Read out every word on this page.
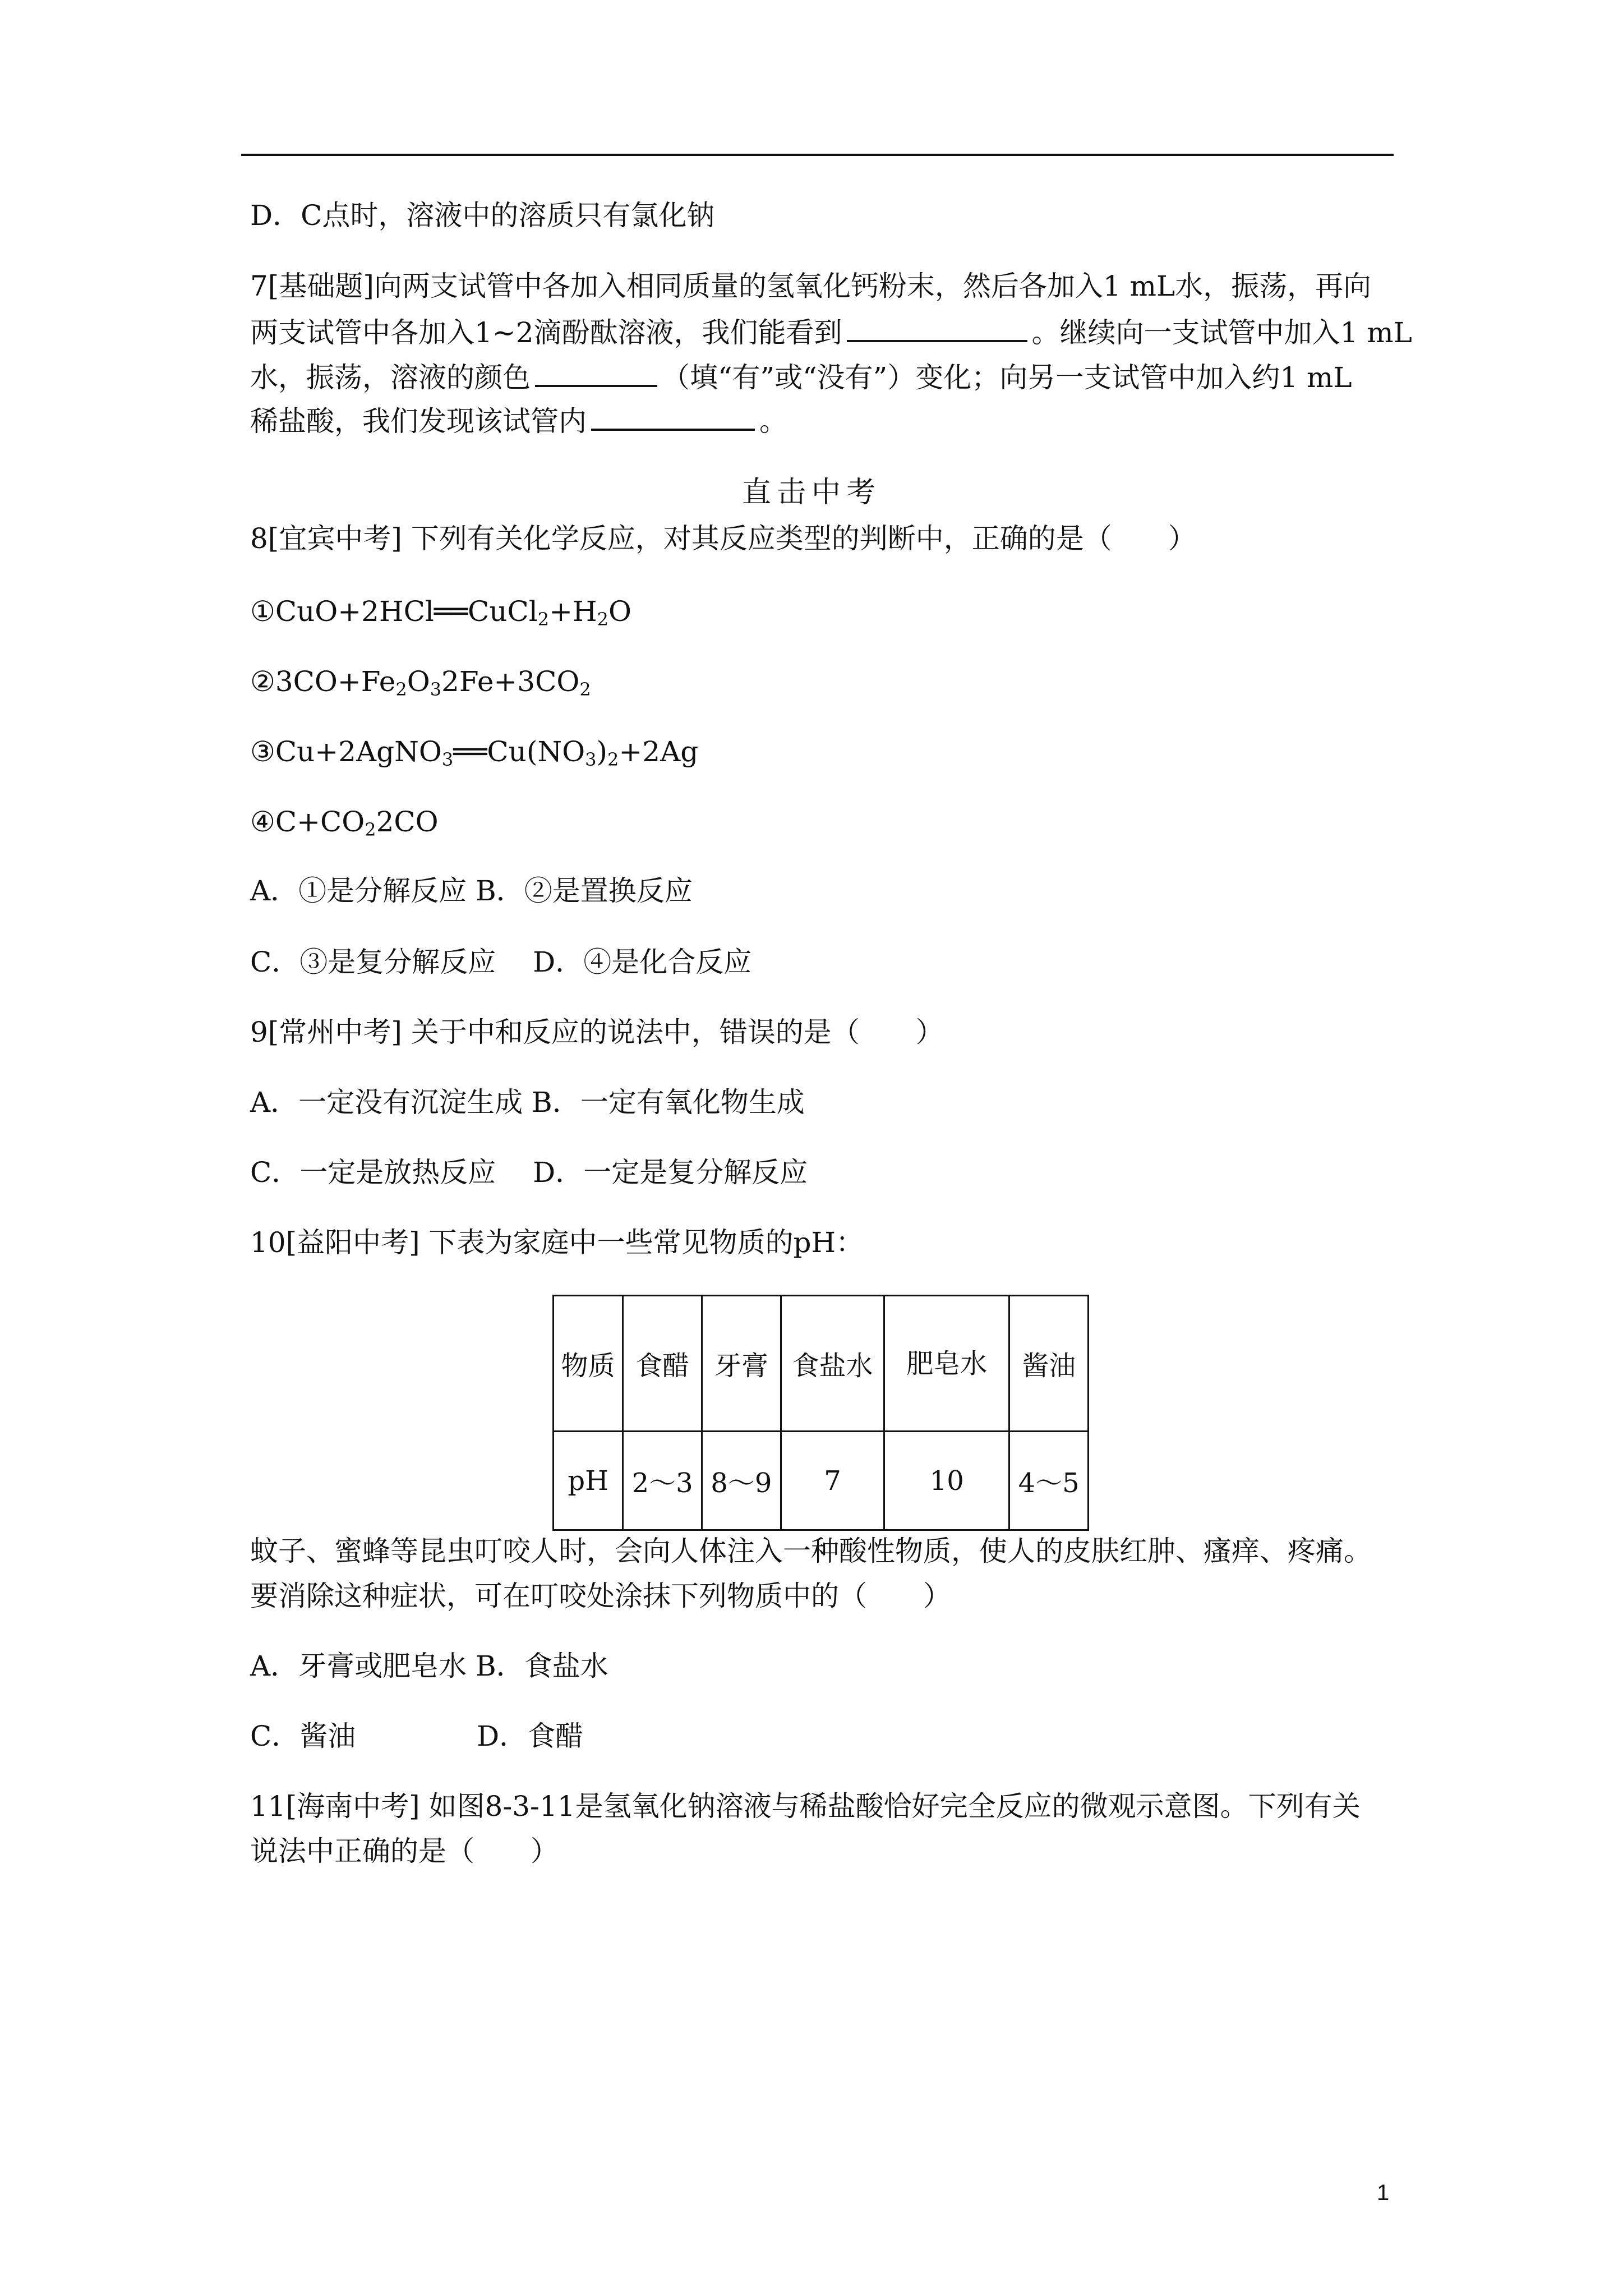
D．C点时，溶液中的溶质只有氯化钠
7[基础题]向两支试管中各加入相同质量的氢氧化钙粉末，然后各加入1 mL水，振荡，再向
两支试管中各加入1~2滴酚酞溶液，我们能看到	。继续向一支试管中加入1 mL
水，振荡，溶液的颜色	（填“有”或“没有”）变化；向另一支试管中加入约1 mL
稀盐酸，我们发现该试管内	。
直击中考
8[宜宾中考] 下列有关化学反应，对其反应类型的判断中，正确的是（　　）
$①CuO+2HCl══CuCl_2+H_2O$
$②3CO+Fe_2O_32Fe+3CO_2$
$③Cu+2AgNO_3══Cu(NO_3)_2+2Ag$
$④C+CO_22CO$
A．①是分解反应 B．②是置换反应
C．③是复分解反应　 D．④是化合反应
9[常州中考] 关于中和反应的说法中，错误的是（　　）
A．一定没有沉淀生成 B．一定有氧化物生成
C．一定是放热反应　 D．一定是复分解反应
10[益阳中考] 下表为家庭中一些常见物质的pH：
物质	食醋	牙膏	食盐水	肥皂水	酱油
pH	2～3	8～9	7	10	4～5
蚊子、蜜蜂等昆虫叮咬人时，会向人体注入一种酸性物质，使人的皮肤红肿、瘙痒、疼痛。
要消除这种症状，可在叮咬处涂抹下列物质中的（　　）
A．牙膏或肥皂水 B．食盐水
C．酱油　　　　 D．食醋
11[海南中考] 如图8-3-11是氢氧化钠溶液与稀盐酸恰好完全反应的微观示意图。下列有关
说法中正确的是（　　）
1
